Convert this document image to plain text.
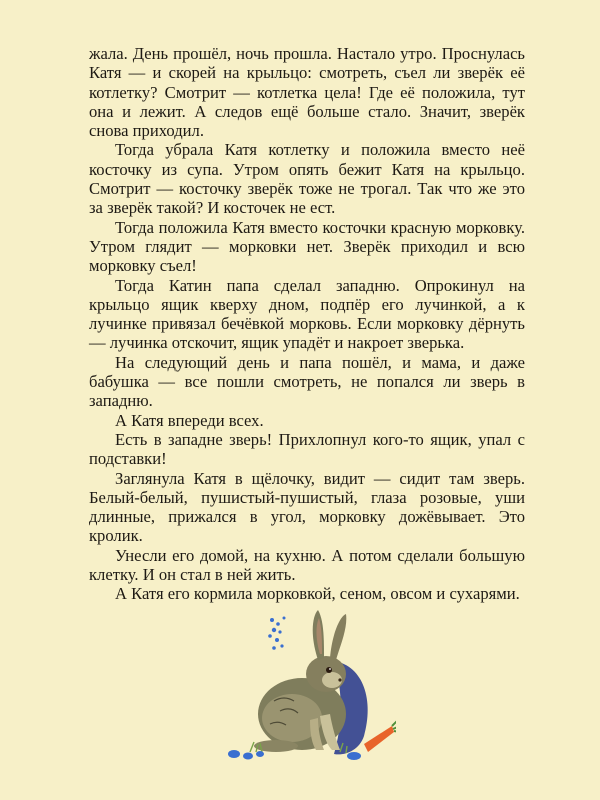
жала. День прошёл, ночь прошла. Настало утро. Проснулась Катя — и скорей на крыльцо: смотреть, съел ли зверёк её котлетку? Смотрит — котлетка цела! Где её положила, тут она и лежит. А следов ещё больше стало. Значит, зверёк снова приходил.

Тогда убрала Катя котлетку и положила вместо неё косточку из супа. Утром опять бежит Катя на крыльцо. Смотрит — косточку зверёк тоже не трогал. Так что же это за зверёк такой? И косточек не ест.

Тогда положила Катя вместо косточки красную морковку. Утром глядит — морковки нет. Зверёк приходил и всю морковку съел!

Тогда Катин папа сделал западню. Опрокинул на крыльцо ящик кверху дном, подпёр его лучинкой, а к лучинке привязал бечёвкой морковь. Если морковку дёрнуть — лучинка отскочит, ящик упадёт и накроет зверька.

На следующий день и папа пошёл, и мама, и даже бабушка — все пошли смотреть, не попался ли зверь в западню.

А Катя впереди всех.

Есть в западне зверь! Прихлопнул кого-то ящик, упал с подставки!

Заглянула Катя в щёлочку, видит — сидит там зверь. Белый-белый, пушистый-пушистый, глаза розовые, уши длинные, прижался в угол, морковку дожёвывает. Это кролик.

Унесли его домой, на кухню. А потом сделали большую клетку. И он стал в ней жить.

А Катя его кормила морковкой, сеном, овсом и сухарями.
